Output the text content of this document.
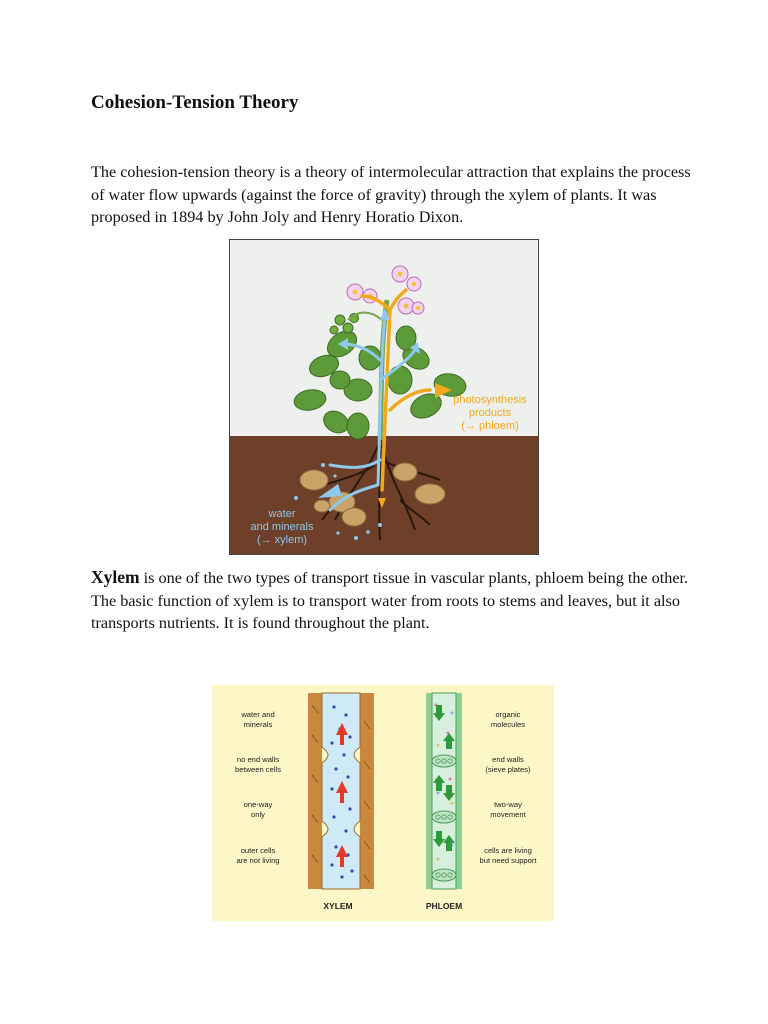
Cohesion-Tension Theory

The cohesion-tension theory is a theory of intermolecular attraction that explains the process of water flow upwards (against the force of gravity) through the xylem of plants. It was proposed in 1894 by John Joly and Henry Horatio Dixon.

photosynthesis
products
(→ phloem)
water
and minerals
(→ xylem)

Xylem is one of the two types of transport tissue in vascular plants, phloem being the other. The basic function of xylem is to transport water from roots to stems and leaves, but it also transports nutrients. It is found throughout the plant.

water and
minerals
no end walls
between cells
one-way
only
outer cells
are not living
organic
molecules
end walls
(sieve plates)
two-way
movement
cells are living
but need support
XYLEM	PHLOEM
